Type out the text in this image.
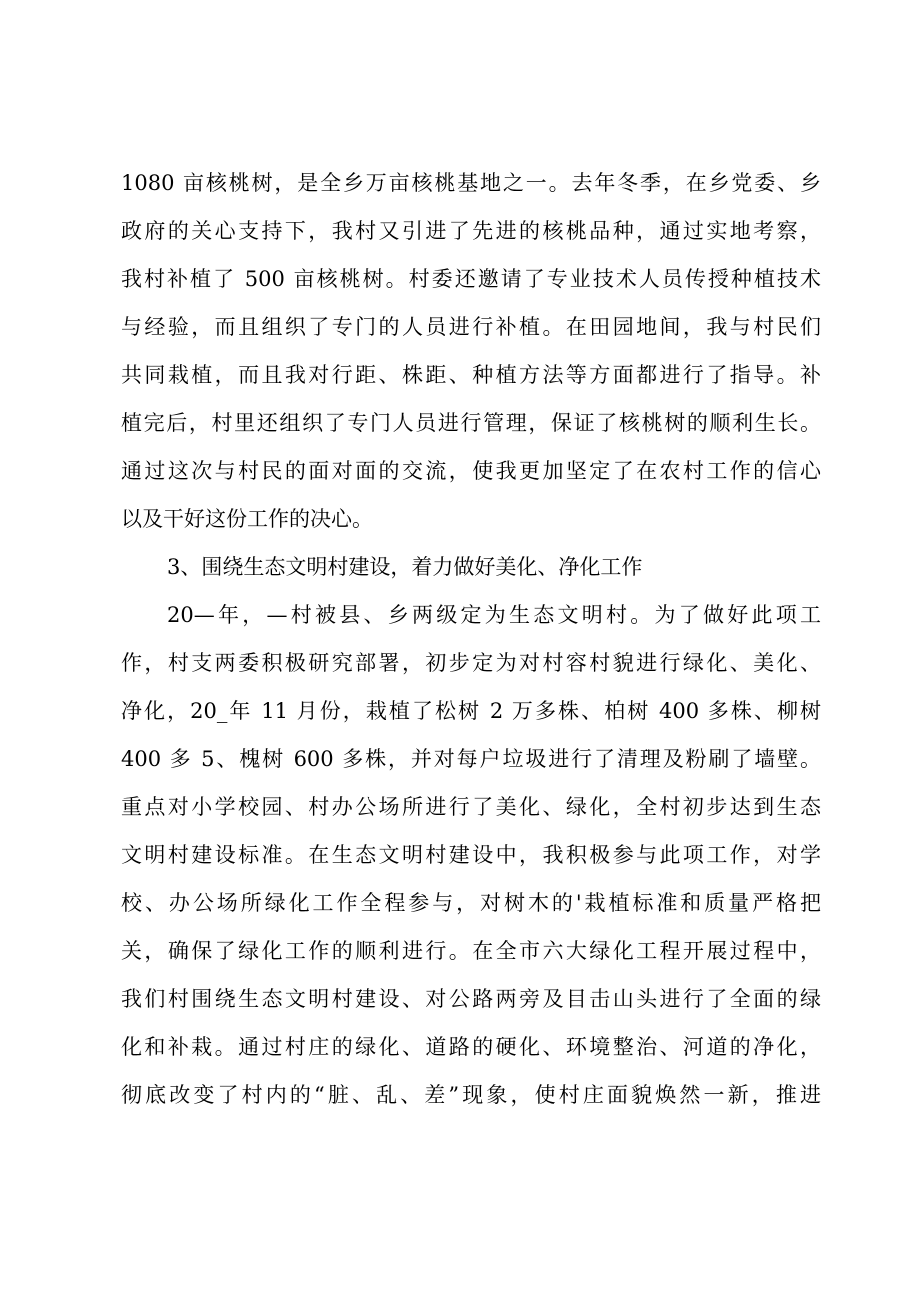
1080 亩核桃树，是全乡万亩核桃基地之一。去年冬季，在乡党委、乡
政府的关心支持下，我村又引进了先进的核桃品种，通过实地考察，
我村补植了 500 亩核桃树。村委还邀请了专业技术人员传授种植技术
与经验，而且组织了专门的人员进行补植。在田园地间，我与村民们
共同栽植，而且我对行距、株距、种植方法等方面都进行了指导。补
植完后，村里还组织了专门人员进行管理，保证了核桃树的顺利生长。
通过这次与村民的面对面的交流，使我更加坚定了在农村工作的信心
以及干好这份工作的决心。
3、围绕生态文明村建设，着力做好美化、净化工作
20—年，—村被县、乡两级定为生态文明村。为了做好此项工
作，村支两委积极研究部署，初步定为对村容村貌进行绿化、美化、
净化，20_年 11 月份，栽植了松树 2 万多株、柏树 400 多株、柳树
400 多 5、槐树 600 多株，并对每户垃圾进行了清理及粉刷了墙壁。
重点对小学校园、村办公场所进行了美化、绿化，全村初步达到生态
文明村建设标准。在生态文明村建设中，我积极参与此项工作，对学
校、办公场所绿化工作全程参与，对树木的'栽植标准和质量严格把
关，确保了绿化工作的顺利进行。在全市六大绿化工程开展过程中，
我们村围绕生态文明村建设、对公路两旁及目击山头进行了全面的绿
化和补栽。通过村庄的绿化、道路的硬化、环境整治、河道的净化，
彻底改变了村内的“脏、乱、差”现象，使村庄面貌焕然一新，推进
